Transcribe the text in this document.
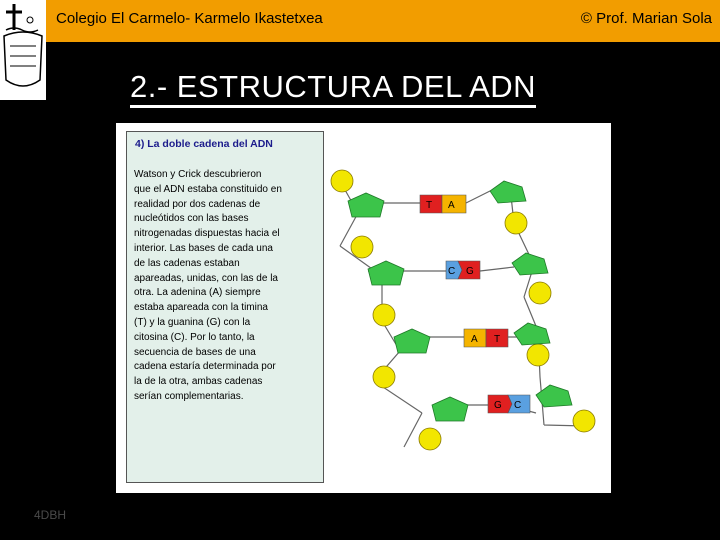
Colegio El Carmelo- Karmelo Ikastetxea	© Prof. Marian Sola
2.- ESTRUCTURA DEL ADN
4) La doble cadena del ADN
Watson y Crick descubrieron
que el ADN estaba constituido en
realidad por dos cadenas de
nucleótidos con las bases
nitrogenadas dispuestas hacia el
interior. Las bases de cada una
de las cadenas estaban
apareadas, unidas, con las de la
otra. La adenina (A) siempre
estaba apareada con la timina
(T) y la guanina (G) con la
citosina (C). Por lo tanto, la
secuencia de bases de una
cadena estaría determinada por
la de la otra, ambas cadenas
serían complementarias.
T A
C G
A T
G C
4DBH
